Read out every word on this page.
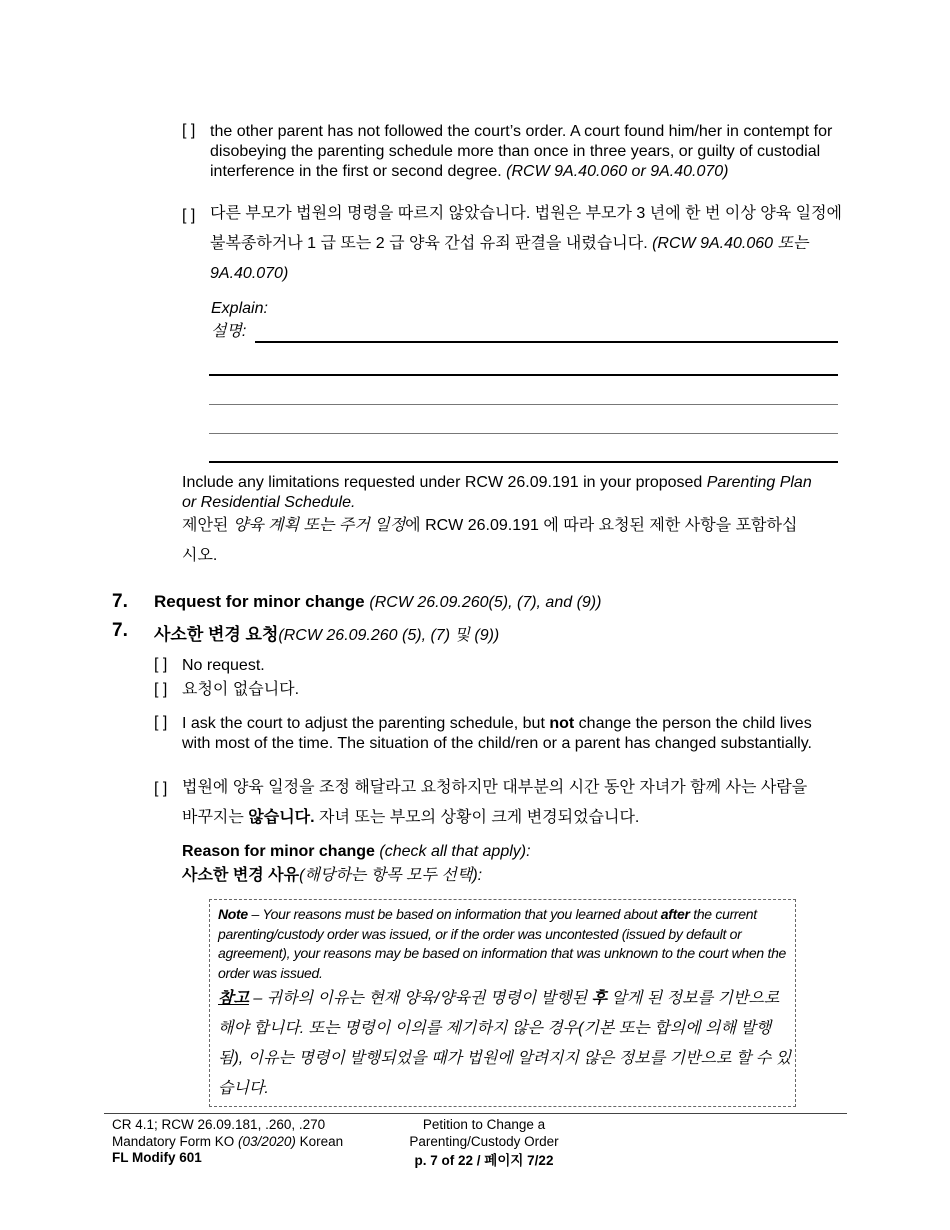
[ ] the other parent has not followed the court’s order. A court found him/her in contempt for disobeying the parenting schedule more than once in three years, or guilty of custodial interference in the first or second degree. (RCW 9A.40.060 or 9A.40.070)
[ ] 다른 부모가 법원의 명령을 따르지 않았습니다. 법원은 부모가 3 년에 한 번 이상 양육 일정에 불복종하거나 1 급 또는 2 급 양육 간섭 유죄 판결을 내렸습니다. (RCW 9A.40.060 또는 9A.40.070)
Explain:
설명:
Include any limitations requested under RCW 26.09.191 in your proposed Parenting Plan or Residential Schedule.
제안된 양육 계획 또는 주거 일정에 RCW 26.09.191 에 따라 요청된 제한 사항을 포함하십시오.
7. Request for minor change (RCW 26.09.260(5), (7), and (9))
7. 사소한 변경 요청(RCW 26.09.260 (5), (7) 및 (9))
[ ] No request.
[ ] 요청이 없습니다.
[ ] I ask the court to adjust the parenting schedule, but not change the person the child lives with most of the time. The situation of the child/ren or a parent has changed substantially.
[ ] 법원에 양육 일정을 조정 해달라고 요청하지만 대부분의 시간 동안 자녀가 함께 사는 사람을 바꾸지는 않습니다. 자녀 또는 부모의 상황이 크게 변경되었습니다.
Reason for minor change (check all that apply):
사소한 변경 사유(해당하는 항목 모두 선택):
Note – Your reasons must be based on information that you learned about after the current parenting/custody order was issued, or if the order was uncontested (issued by default or agreement), your reasons may be based on information that was unknown to the court when the order was issued.
참고 – 귀하의 이유는 현재 양육/양육권 명령이 발행된 후 알게 된 정보를 기반으로 해야 합니다. 또는 명령이 이의를 제기하지 않은 경우(기본 또는 합의에 의해 발행됨), 이유는 명령이 발행되었을 때가 법원에 알려지지 않은 정보를 기반으로 할 수 있습니다.
CR 4.1; RCW 26.09.181, .260, .270
Mandatory Form KO (03/2020) Korean
FL Modify 601
Petition to Change a
Parenting/Custody Order
p. 7 of 22 / 페이지 7/22
